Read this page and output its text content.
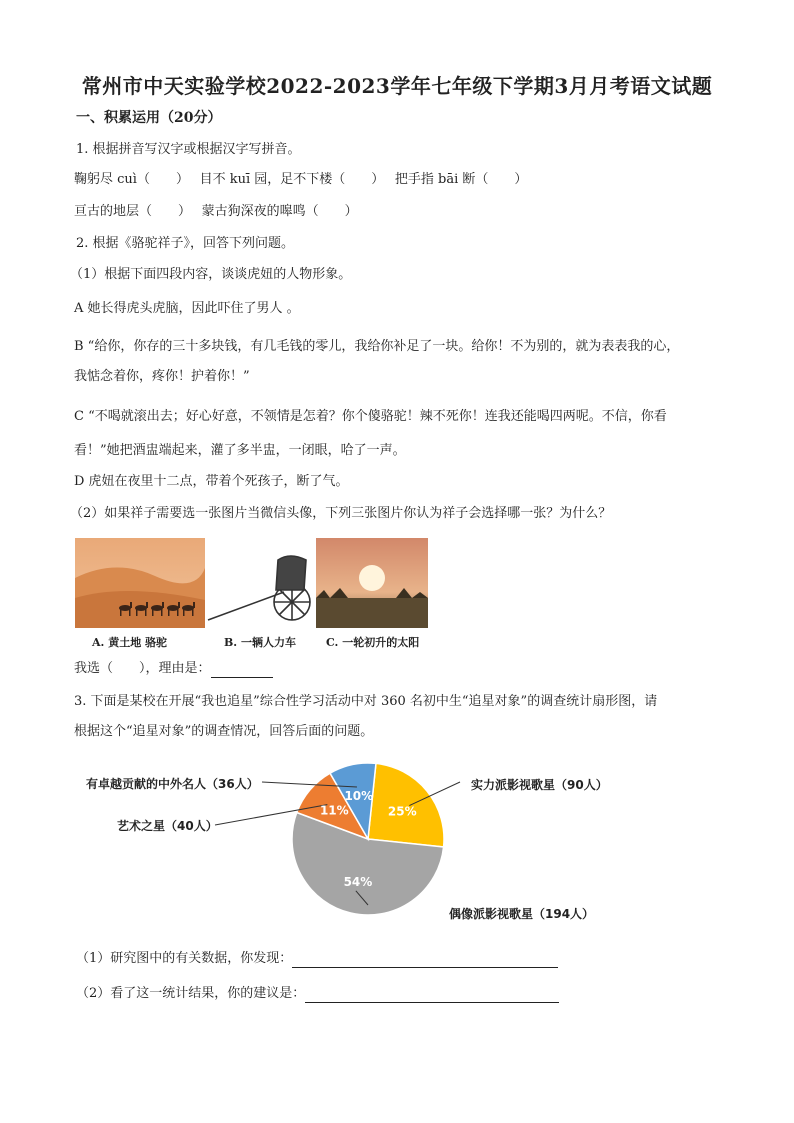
常州市中天实验学校2022-2023学年七年级下学期3月月考语文试题
一、积累运用（20分）
1. 根据拼音写汉字或根据汉字写拼音。
鞠躬尽 cuì（　　）　 目不 kuī 园，足不下楼（　　）　 把手指 bāi 断（　　）
亘古的地层（　　）　 蒙古狗深夜的嗥鸣（　　）
2. 根据《骆驼祥子》，回答下列问题。
（1）根据下面四段内容，谈谈虎妞的人物形象。
A 她长得虎头虎脑，因此吓住了男人 。
B “给你，你存的三十多块钱，有几毛钱的零儿，我给你补足了一块。给你！不为别的，就为表表我的心，
我惦念着你，疼你！护着你！”
C “不喝就滚出去；好心好意，不领情是怎着？你个傻骆驼！辣不死你！连我还能喝四两呢。不信，你看
看！”她把酒盅端起来，灌了多半盅，一闭眼，哈了一声。
D 虎妞在夜里十二点，带着个死孩子，断了气。
（2）如果祥子需要选一张图片当微信头像，下列三张图片你认为祥子会选择哪一张？为什么？
A. 黄土地 骆驼	B. 一辆人力车	C. 一轮初升的太阳
我选（　　），理由是：
3. 下面是某校在开展“我也追星”综合性学习活动中对 360 名初中生“追星对象”的调查统计扇形图，请
根据这个“追星对象”的调查情况，回答后面的问题。
25%
54%
11%
10%
有卓越贡献的中外名人（36人）
艺术之星（40人）
实力派影视歌星（90人）
偶像派影视歌星（194人）
（1）研究图中的有关数据，你发现：
（2）看了这一统计结果，你的建议是：
